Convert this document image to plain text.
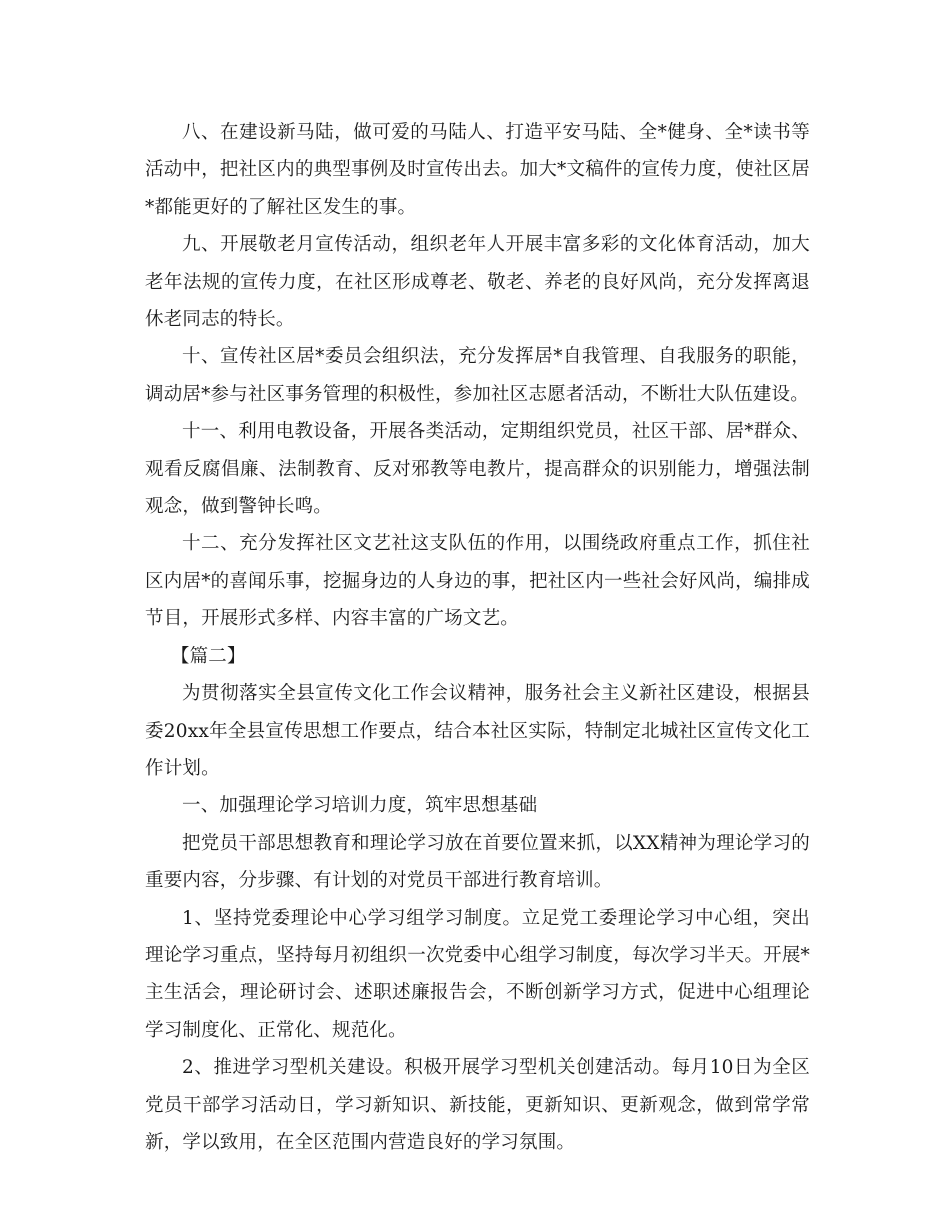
八、在建设新马陆，做可爱的马陆人、打造平安马陆、全*健身、全*读书等活动中，把社区内的典型事例及时宣传出去。加大*文稿件的宣传力度，使社区居*都能更好的了解社区发生的事。

九、开展敬老月宣传活动，组织老年人开展丰富多彩的文化体育活动，加大老年法规的宣传力度，在社区形成尊老、敬老、养老的良好风尚，充分发挥离退休老同志的特长。

十、宣传社区居*委员会组织法，充分发挥居*自我管理、自我服务的职能，调动居*参与社区事务管理的积极性，参加社区志愿者活动，不断壮大队伍建设。

十一、利用电教设备，开展各类活动，定期组织党员，社区干部、居*群众、观看反腐倡廉、法制教育、反对邪教等电教片，提高群众的识别能力，增强法制观念，做到警钟长鸣。

十二、充分发挥社区文艺社这支队伍的作用，以围绕政府重点工作，抓住社区内居*的喜闻乐事，挖掘身边的人身边的事，把社区内一些社会好风尚，编排成节目，开展形式多样、内容丰富的广场文艺。

【篇二】

为贯彻落实全县宣传文化工作会议精神，服务社会主义新社区建设，根据县委20xx年全县宣传思想工作要点，结合本社区实际，特制定北城社区宣传文化工作计划。

一、加强理论学习培训力度，筑牢思想基础

把党员干部思想教育和理论学习放在首要位置来抓，以XX精神为理论学习的重要内容，分步骤、有计划的对党员干部进行教育培训。

1、坚持党委理论中心学习组学习制度。立足党工委理论学习中心组，突出理论学习重点，坚持每月初组织一次党委中心组学习制度，每次学习半天。开展*主生活会，理论研讨会、述职述廉报告会，不断创新学习方式，促进中心组理论学习制度化、正常化、规范化。

2、推进学习型机关建设。积极开展学习型机关创建活动。每月10日为全区党员干部学习活动日，学习新知识、新技能，更新知识、更新观念，做到常学常新，学以致用，在全区范围内营造良好的学习氛围。
